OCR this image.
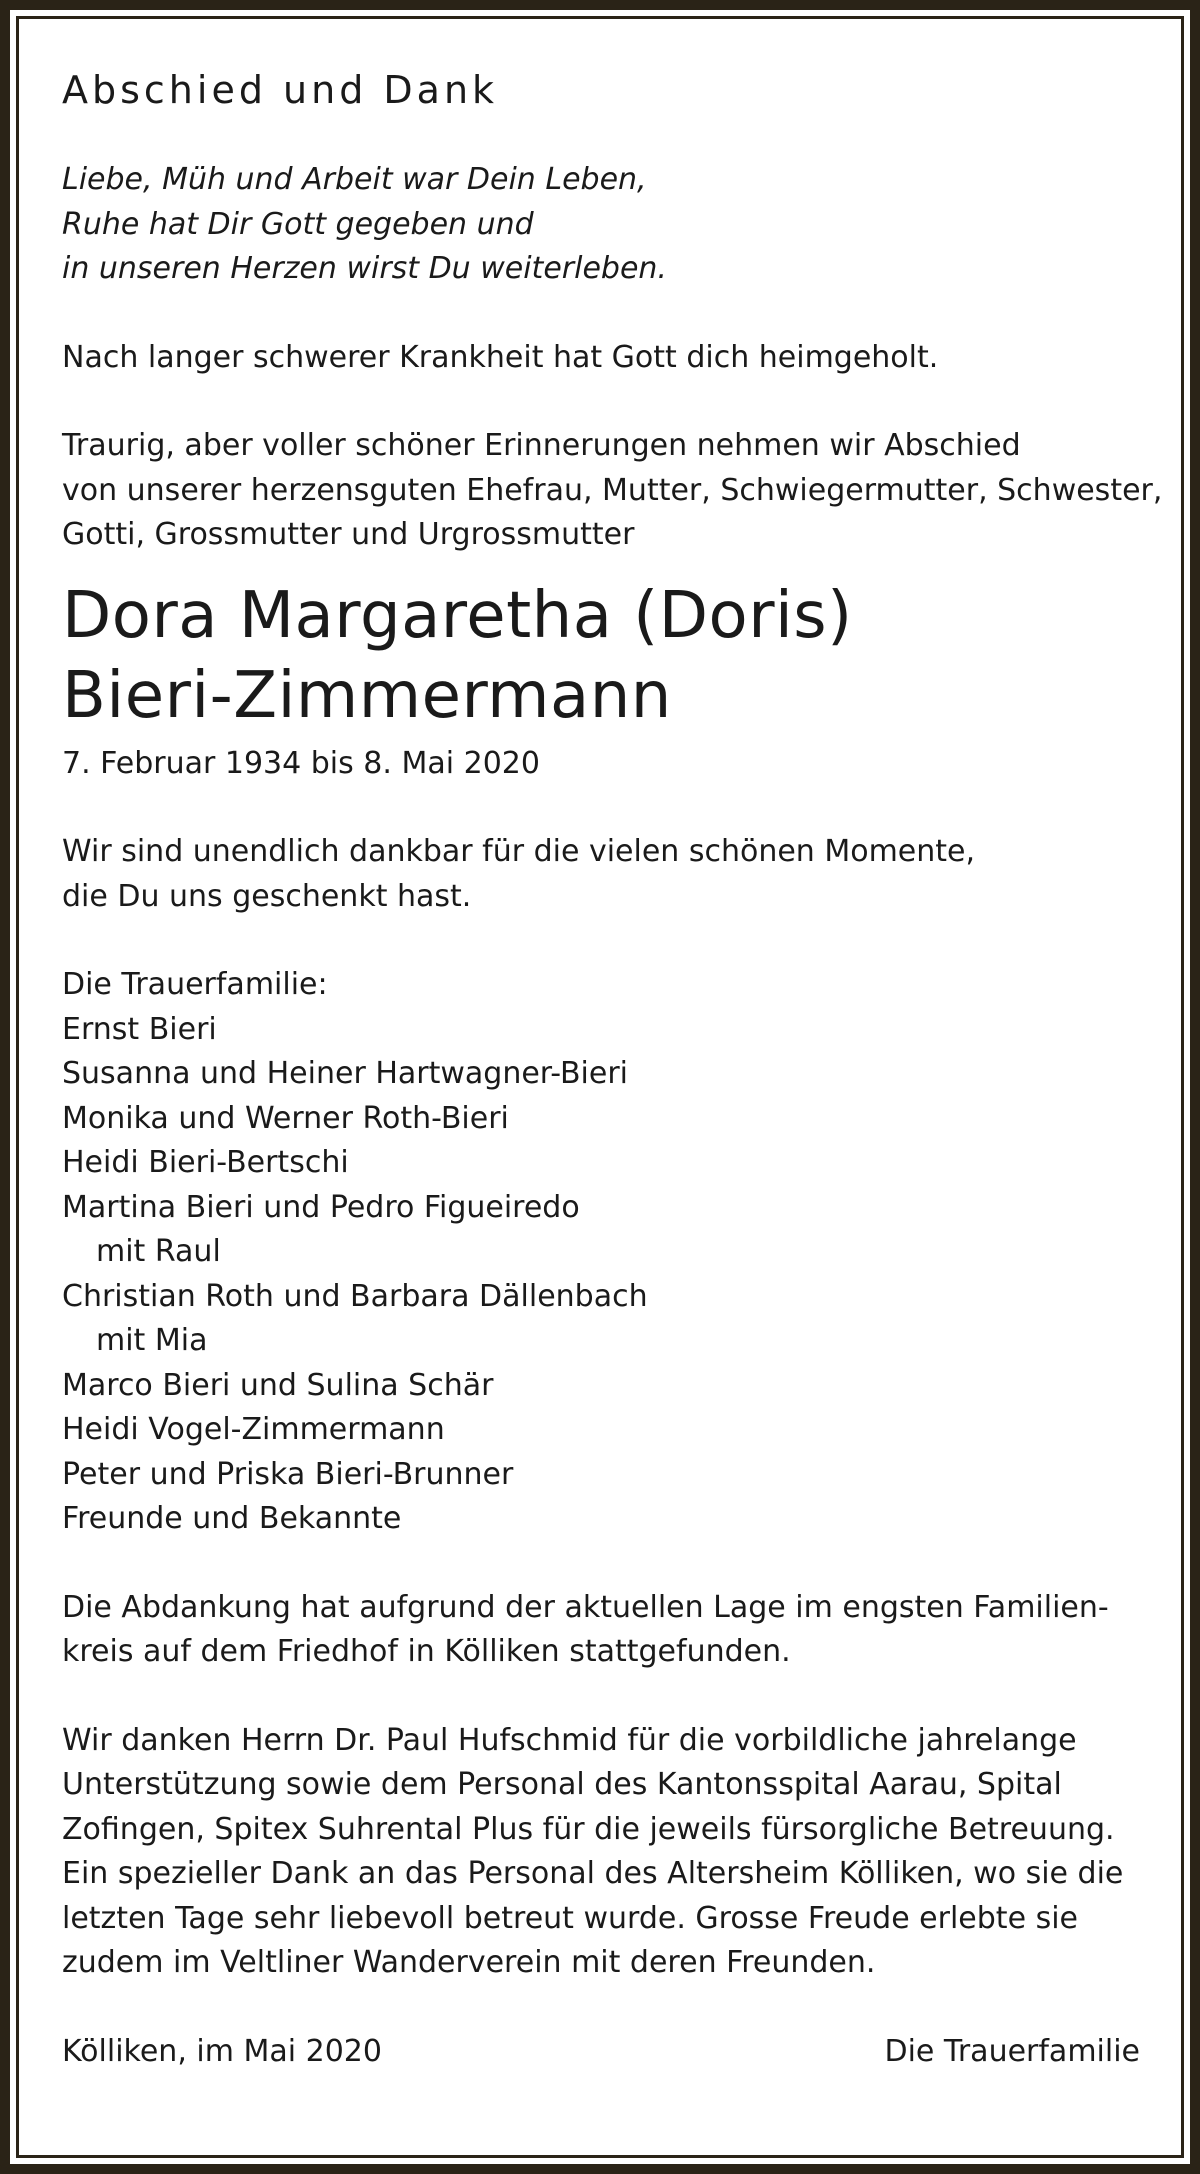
Abschied und Dank

Liebe, Müh und Arbeit war Dein Leben,

Ruhe hat Dir Gott gegeben und

in unseren Herzen wirst Du weiterleben.

Nach langer schwerer Krankheit hat Gott dich heimgeholt.

Traurig, aber voller schöner Erinnerungen nehmen wir Abschied

von unserer herzensguten Ehefrau, Mutter, Schwiegermutter, Schwester,

Gotti, Grossmutter und Urgrossmutter

Dora Margaretha (Doris)
Bieri-Zimmermann

7. Februar 1934 bis 8. Mai 2020

Wir sind unendlich dankbar für die vielen schönen Momente,

die Du uns geschenkt hast.

Die Trauerfamilie:

Ernst Bieri

Susanna und Heiner Hartwagner-Bieri

Monika und Werner Roth-Bieri

Heidi Bieri-Bertschi

Martina Bieri und Pedro Figueiredo

mit Raul

Christian Roth und Barbara Dällenbach

mit Mia

Marco Bieri und Sulina Schär

Heidi Vogel-Zimmermann

Peter und Priska Bieri-Brunner

Freunde und Bekannte

Die Abdankung hat aufgrund der aktuellen Lage im engsten Familien-

kreis auf dem Friedhof in Kölliken stattgefunden.

Wir danken Herrn Dr. Paul Hufschmid für die vorbildliche jahrelange

Unterstützung sowie dem Personal des Kantonsspital Aarau, Spital

Zofingen, Spitex Suhrental Plus für die jeweils fürsorgliche Betreuung.

Ein spezieller Dank an das Personal des Altersheim Kölliken, wo sie die

letzten Tage sehr liebevoll betreut wurde. Grosse Freude erlebte sie

zudem im Veltliner Wanderverein mit deren Freunden.

Kölliken, im Mai 2020	Die Trauerfamilie
